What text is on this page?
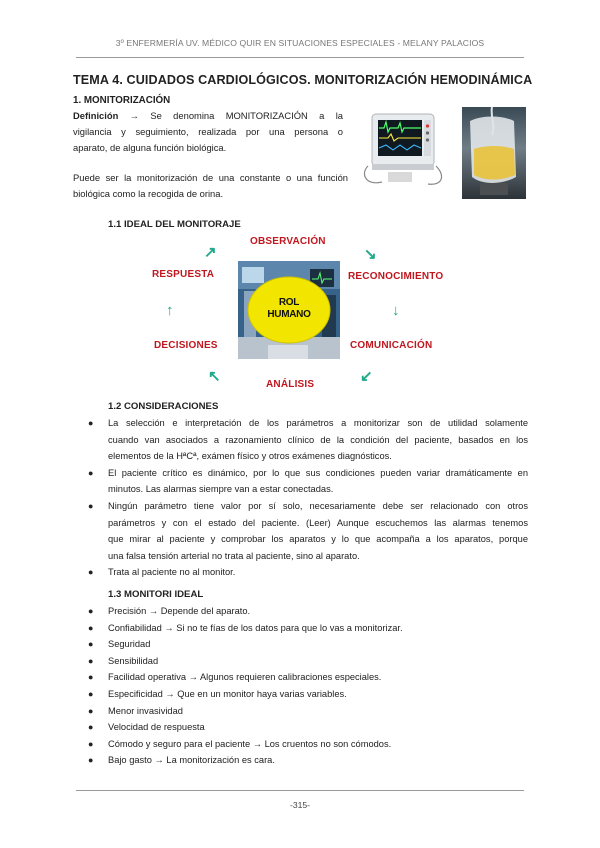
3º ENFERMERÍA UV. MÉDICO QUIR EN SITUACIONES ESPECIALES - MELANY PALACIOS
TEMA 4. CUIDADOS CARDIOLÓGICOS. MONITORIZACIÓN HEMODINÁMICA
1. MONITORIZACIÓN
Definición → Se denomina MONITORIZACIÓN a la
vigilancia y seguimiento, realizada por una persona o
aparato, de alguna función biológica.
Puede ser la monitorización de una constante o una función
biológica como la recogida de orina.
1.1 IDEAL DEL MONITORAJE
ROL
HUMANO
OBSERVACIÓN
RECONOCIMIENTO
COMUNICACIÓN
ANÁLISIS
DECISIONES
RESPUESTA
↘
↓
↙
↖
↑
↗
1.2 CONSIDERACIONES
● La selección e interpretación de los parámetros a monitorizar son de utilidad solamente
cuando van asociados a razonamiento clínico de la condición del paciente, basados en los
elementos de la HªCª, exámen físico y otros exámenes diagnósticos.
● El paciente crítico es dinámico, por lo que sus condiciones pueden variar dramáticamente en
minutos. Las alarmas siempre van a estar conectadas.
● Ningún parámetro tiene valor por sí solo, necesariamente debe ser relacionado con otros
parámetros y con el estado del paciente. (Leer) Aunque escuchemos las alarmas tenemos
que mirar al paciente y comprobar los aparatos y lo que acompaña a los aparatos, porque
una falsa tensión arterial no trata al paciente, sino al aparato.
● Trata al paciente no al monitor.
1.3 MONITORI IDEAL
● Precisión → Depende del aparato.
● Confiabilidad → Si no te fías de los datos para que lo vas a monitorizar.
● Seguridad
● Sensibilidad
● Facilidad operativa → Algunos requieren calibraciones especiales.
● Especificidad → Que en un monitor haya varias variables.
● Menor invasividad
● Velocidad de respuesta
● Cómodo y seguro para el paciente → Los cruentos no son cómodos.
● Bajo gasto → La monitorización es cara.
-315-
